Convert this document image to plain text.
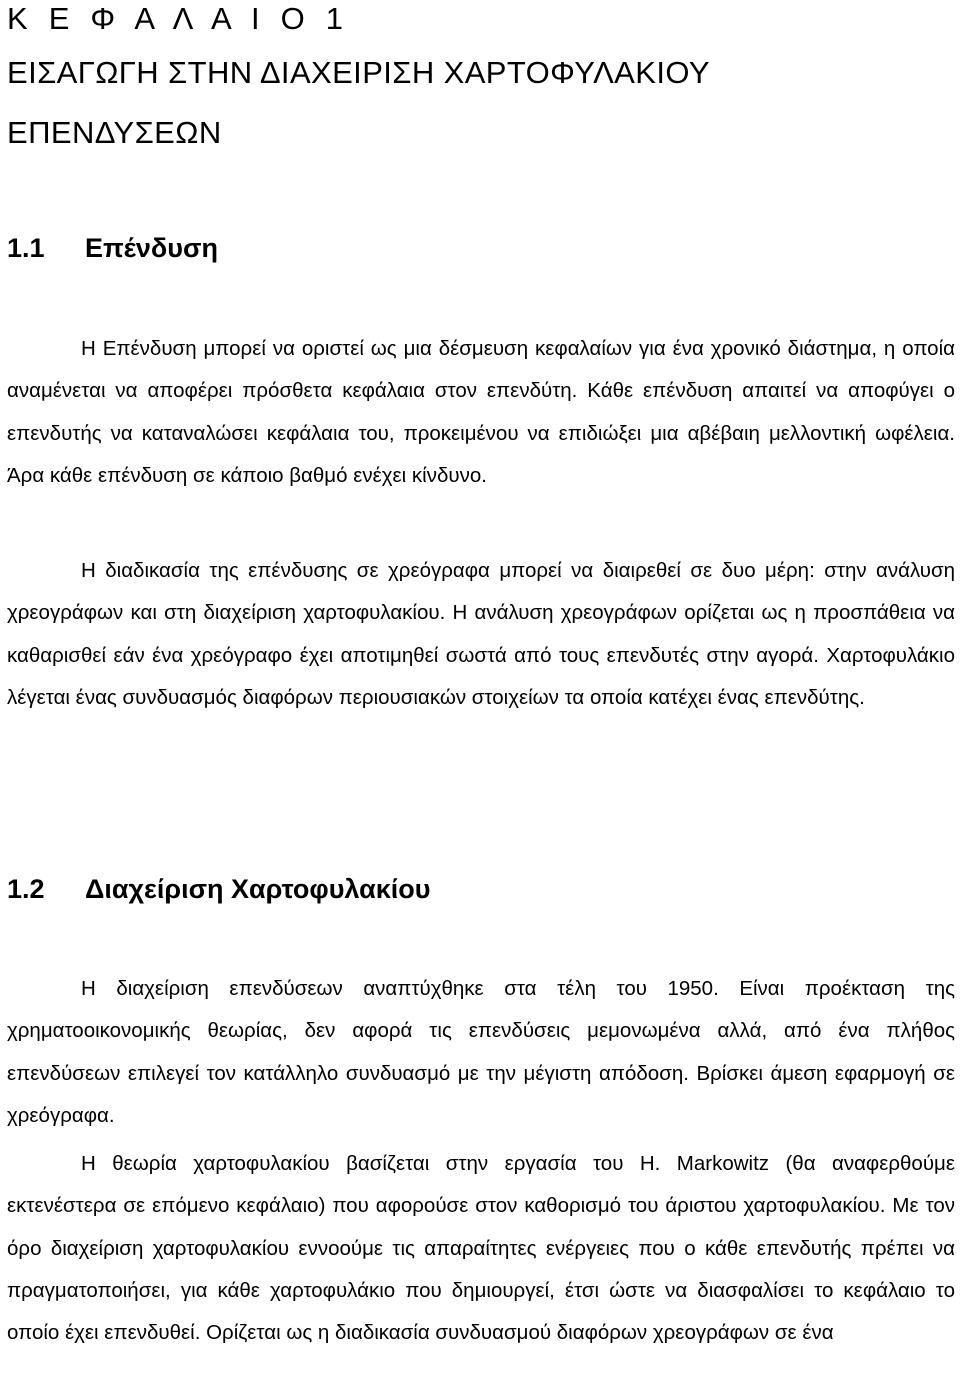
Κ Ε Φ Α Λ Α Ι Ο 1

ΕΙΣΑΓΩΓΗ ΣΤΗΝ ΔΙΑΧΕΙΡΙΣΗ ΧΑΡΤΟΦΥΛΑΚΙΟΥ

ΕΠΕΝΔΥΣΕΩΝ

1.1 Επένδυση

Η Επένδυση μπορεί να οριστεί ως μια δέσμευση κεφαλαίων για ένα χρονικό διάστημα, η οποία αναμένεται να αποφέρει πρόσθετα κεφάλαια στον επενδύτη. Κάθε επένδυση απαιτεί να αποφύγει ο επενδυτής να καταναλώσει κεφάλαια του, προκειμένου να επιδιώξει μια αβέβαιη μελλοντική ωφέλεια. Άρα κάθε επένδυση σε κάποιο βαθμό ενέχει κίνδυνο.

Η διαδικασία της επένδυσης σε χρεόγραφα μπορεί να διαιρεθεί σε δυο μέρη: στην ανάλυση χρεογράφων και στη διαχείριση χαρτοφυλακίου. Η ανάλυση χρεογράφων ορίζεται ως η προσπάθεια να καθαρισθεί εάν ένα χρεόγραφο έχει αποτιμηθεί σωστά από τους επενδυτές στην αγορά. Χαρτοφυλάκιο λέγεται ένας συνδυασμός διαφόρων περιουσιακών στοιχείων τα οποία κατέχει ένας επενδύτης.

1.2 Διαχείριση Χαρτοφυλακίου

Η διαχείριση επενδύσεων αναπτύχθηκε στα τέλη του 1950. Είναι προέκταση της χρηματοοικονομικής θεωρίας, δεν αφορά τις επενδύσεις μεμονωμένα αλλά, από ένα πλήθος επενδύσεων επιλεγεί τον κατάλληλο συνδυασμό με την μέγιστη απόδοση. Βρίσκει άμεση εφαρμογή σε χρεόγραφα.

Η θεωρία χαρτοφυλακίου βασίζεται στην εργασία του Η. Markowitz (θα αναφερθούμε εκτενέστερα σε επόμενο κεφάλαιο) που αφορούσε στον καθορισμό του άριστου χαρτοφυλακίου. Με τον όρο διαχείριση χαρτοφυλακίου εννοούμε τις απαραίτητες ενέργειες που ο κάθε επενδυτής πρέπει να πραγματοποιήσει, για κάθε χαρτοφυλάκιο που δημιουργεί, έτσι ώστε να διασφαλίσει το κεφάλαιο το οποίο έχει επενδυθεί. Ορίζεται ως η διαδικασία συνδυασμού διαφόρων χρεογράφων σε ένα
